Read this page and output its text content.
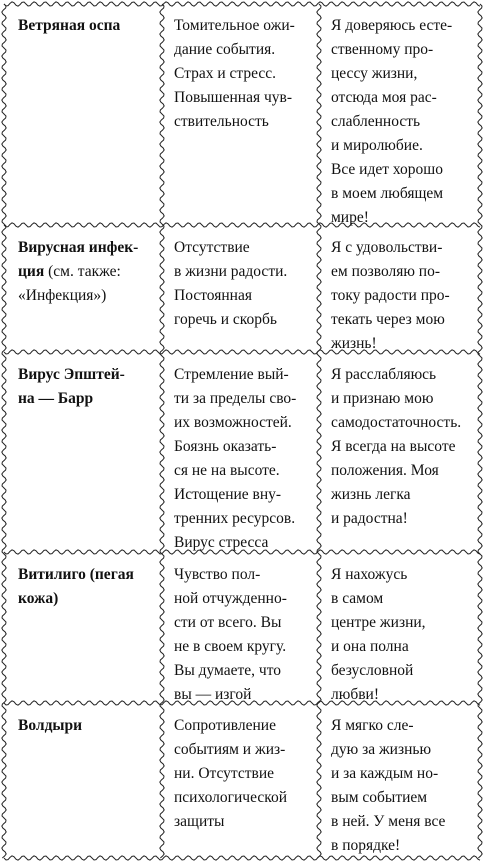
Ветряная оспа	Томительное ожи-
дание события.
Страх и стресс.
Повышенная чув-
ствительность
Я доверяюсь есте-
ственному про-
цессу жизни,
отсюда моя рас-
слабленность
и миролюбие.
Все идет хорошо
в моем любящем
мире!
Вирусная инфек-
ция (см. также:
«Инфекция»)
Отсутствие
в жизни радости.
Постоянная
горечь и скорбь
Я с удовольстви-
ем позволяю по-
току радости про-
текать через мою
жизнь!
Вирус Эпштей-
на — Барр
Стремление вый-
ти за пределы сво-
их возможностей.
Боязнь оказать-
ся не на высоте.
Истощение вну-
тренних ресурсов.
Вирус стресса
Я расслабляюсь
и признаю мою
самодостаточность.
Я всегда на высоте
положения. Моя
жизнь легка
и радостна!
Витилиго (пегая
кожа)
Чувство пол-
ной отчужденно-
сти от всего. Вы
не в своем кругу.
Вы думаете, что
вы — изгой
Я нахожусь
в самом
центре жизни,
и она полна
безусловной
любви!
Волдыри	Сопротивление
событиям и жиз-
ни. Отсутствие
психологической
защиты
Я мягко сле-
дую за жизнью
и за каждым но-
вым событием
в ней. У меня все
в порядке!
